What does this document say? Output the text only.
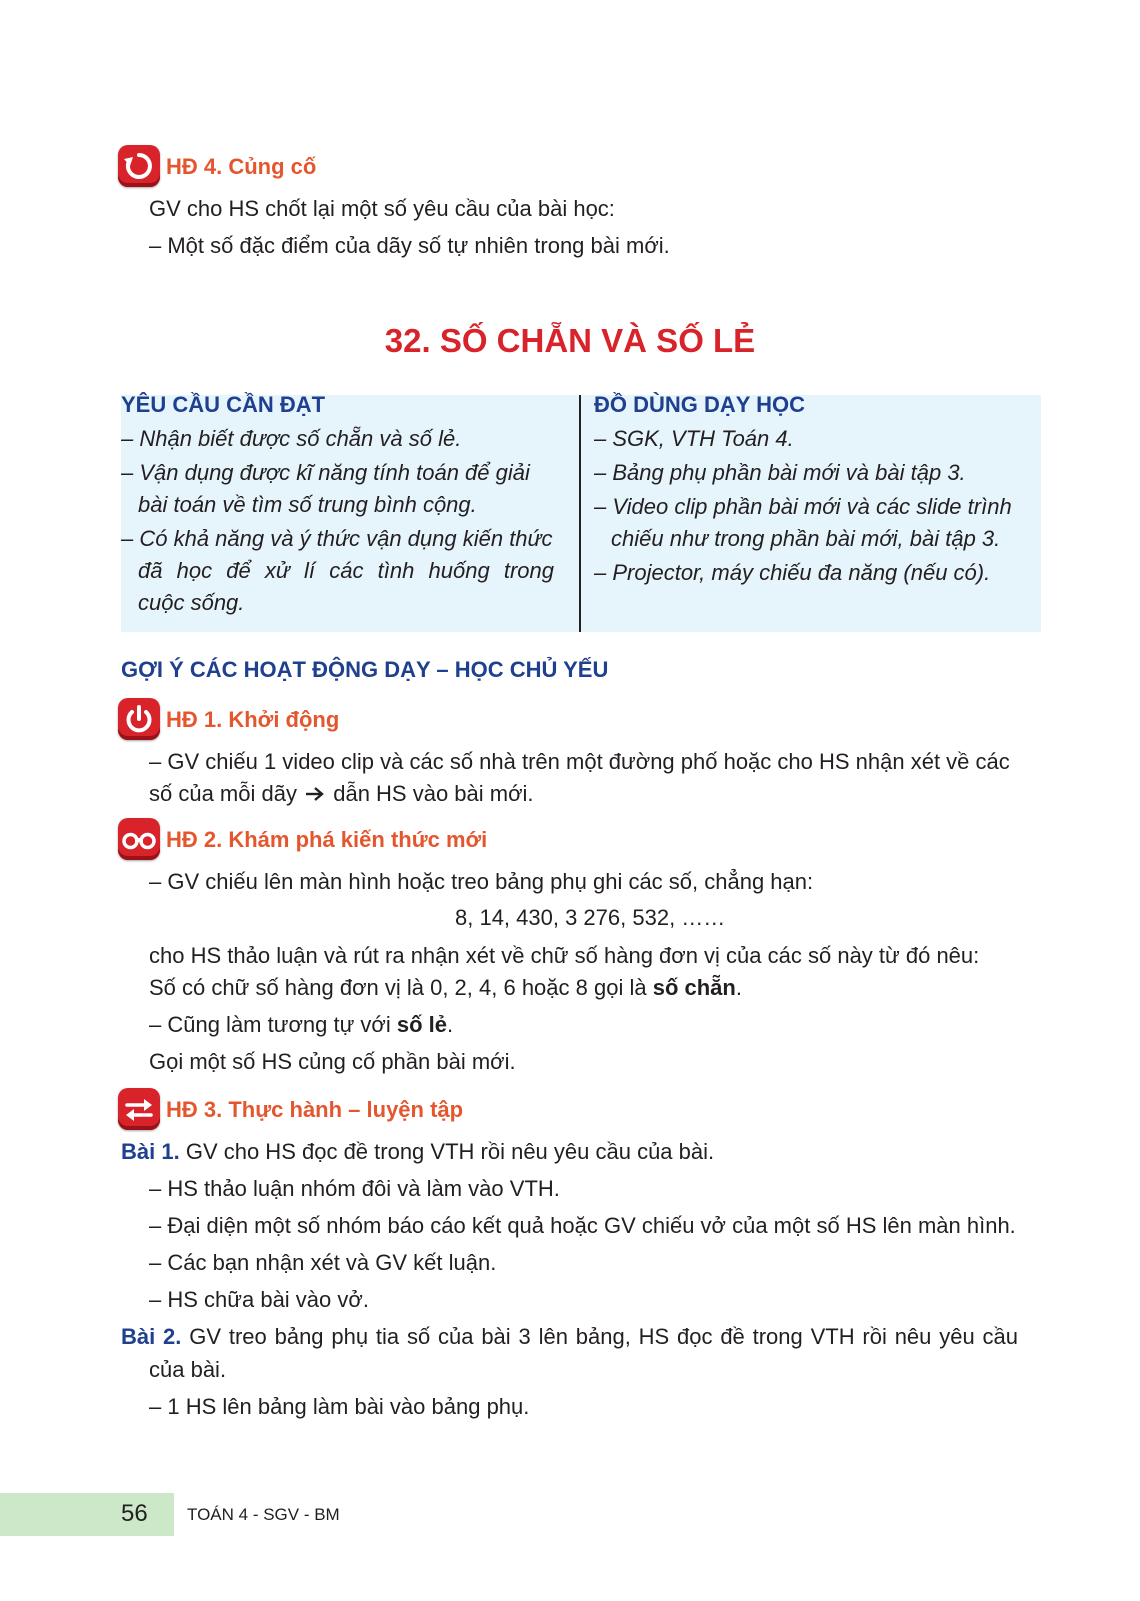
HĐ 4. Củng cố
GV cho HS chốt lại một số yêu cầu của bài học:
– Một số đặc điểm của dãy số tự nhiên trong bài mới.
32. SỐ CHẴN VÀ SỐ LẺ
YÊU CẦU CẦN ĐẠT
– Nhận biết được số chẵn và số lẻ.
– Vận dụng được kĩ năng tính toán để giải
bài toán về tìm số trung bình cộng.
– Có khả năng và ý thức vận dụng kiến thức
đã học để xử lí các tình huống trong
cuộc sống.
ĐỒ DÙNG DẠY HỌC
– SGK, VTH Toán 4.
– Bảng phụ phần bài mới và bài tập 3.
– Video clip phần bài mới và các slide trình
chiếu như trong phần bài mới, bài tập 3.
– Projector, máy chiếu đa năng (nếu có).
GỢI Ý CÁC HOẠT ĐỘNG DẠY – HỌC CHỦ YẾU
HĐ 1. Khởi động
– GV chiếu 1 video clip và các số nhà trên một đường phố hoặc cho HS nhận xét về các
số của mỗi dãy dẫn HS vào bài mới.
HĐ 2. Khám phá kiến thức mới
– GV chiếu lên màn hình hoặc treo bảng phụ ghi các số, chẳng hạn:
8, 14, 430, 3 276, 532, ……
cho HS thảo luận và rút ra nhận xét về chữ số hàng đơn vị của các số này từ đó nêu:
Số có chữ số hàng đơn vị là 0, 2, 4, 6 hoặc 8 gọi là số chẵn.
– Cũng làm tương tự với số lẻ.
Gọi một số HS củng cố phần bài mới.
HĐ 3. Thực hành – luyện tập
Bài 1. GV cho HS đọc đề trong VTH rồi nêu yêu cầu của bài.
– HS thảo luận nhóm đôi và làm vào VTH.
– Đại diện một số nhóm báo cáo kết quả hoặc GV chiếu vở của một số HS lên màn hình.
– Các bạn nhận xét và GV kết luận.
– HS chữa bài vào vở.
Bài 2. GV treo bảng phụ tia số của bài 3 lên bảng, HS đọc đề trong VTH rồi nêu yêu cầu
của bài.
– 1 HS lên bảng làm bài vào bảng phụ.
56 TOÁN 4 - SGV - BM
